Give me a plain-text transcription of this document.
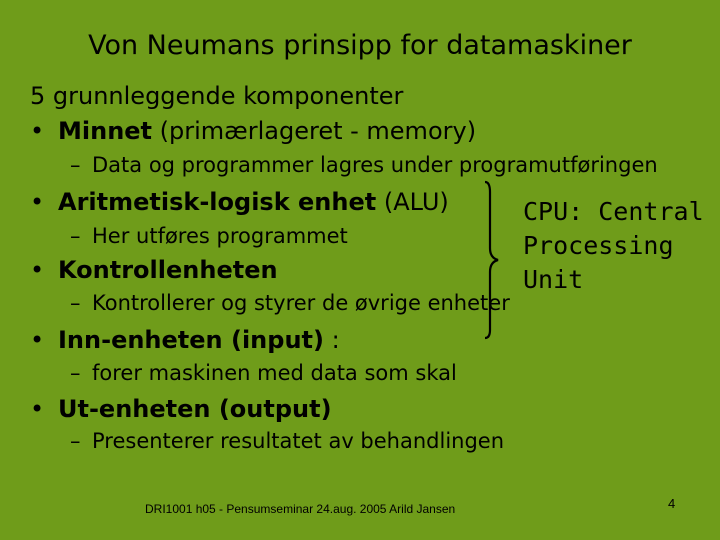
Von Neumans prinsipp for datamaskiner
5 grunnleggende komponenter
• Minnet (primærlageret - memory)
– Data og programmer lagres under programutføringen
• Aritmetisk-logisk enhet (ALU)
– Her utføres programmet
• Kontrollenheten
– Kontrollerer og styrer de øvrige enheter
• Inn-enheten (input) :
– forer maskinen med data som skal
• Ut-enheten (output)
– Presenterer resultatet av behandlingen
CPU: Central
Processing
Unit
DRI1001 h05 - Pensumseminar 24.aug. 2005 Arild Jansen	4
